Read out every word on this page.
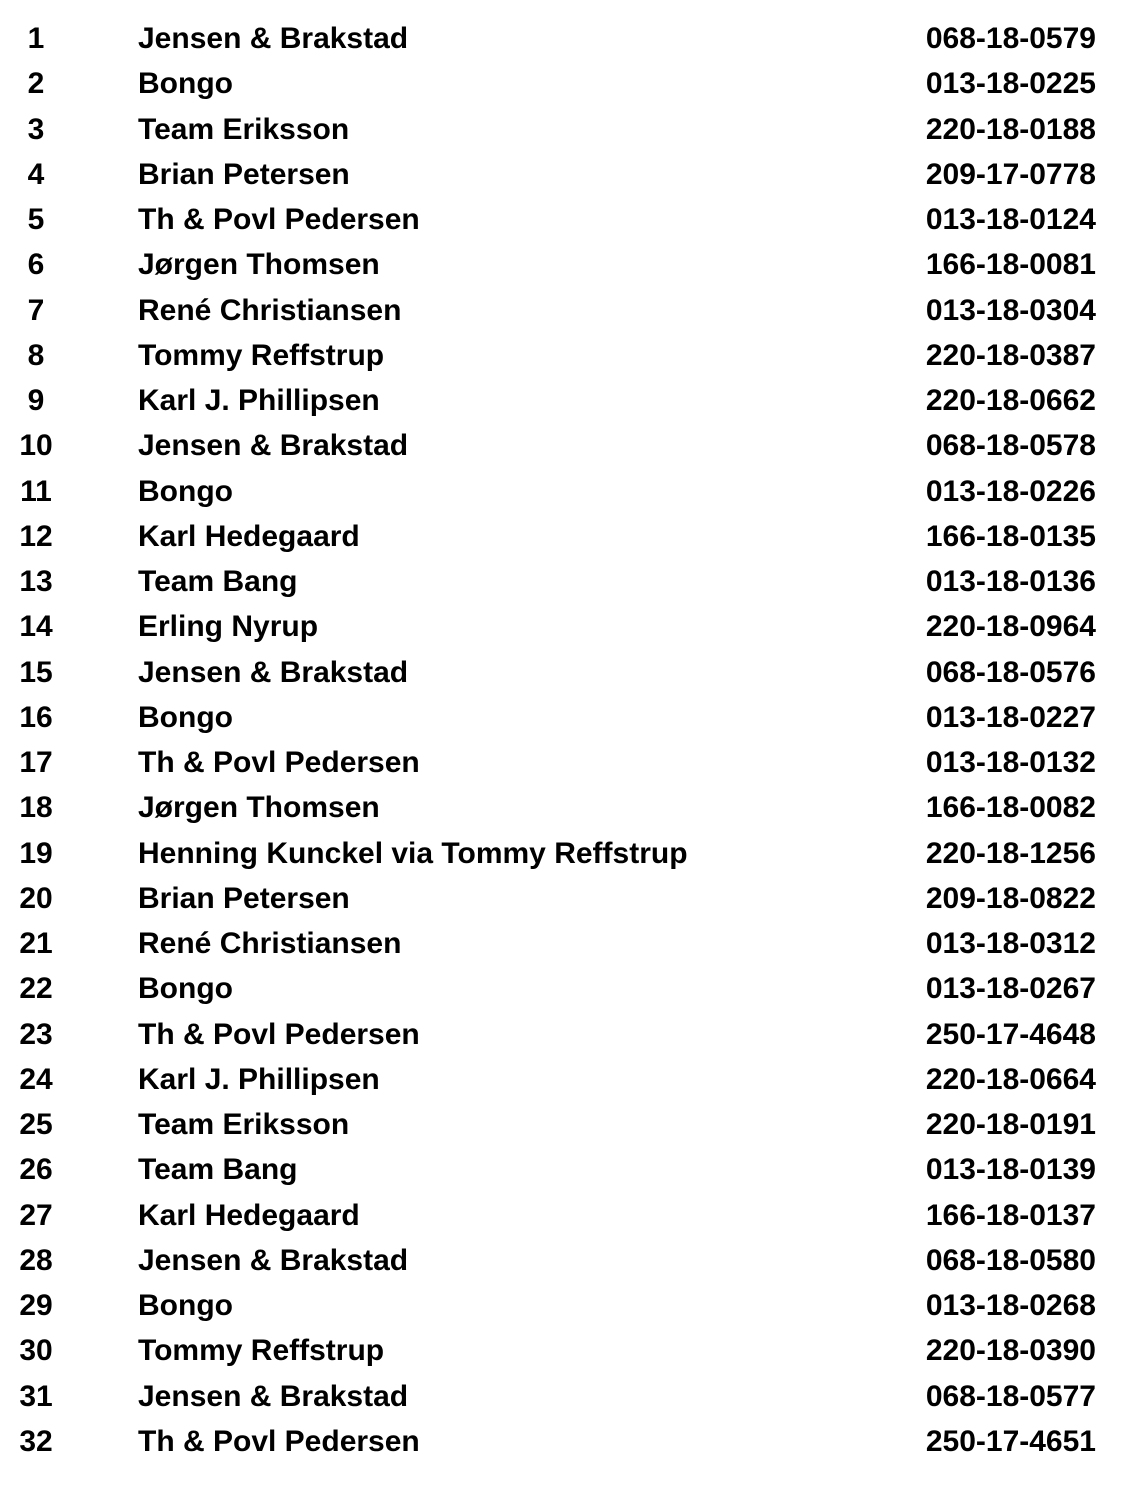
1	Jensen & Brakstad	068-18-0579
2	Bongo	013-18-0225
3	Team Eriksson	220-18-0188
4	Brian Petersen	209-17-0778
5	Th & Povl Pedersen	013-18-0124
6	Jørgen Thomsen	166-18-0081
7	René Christiansen	013-18-0304
8	Tommy Reffstrup	220-18-0387
9	Karl J. Phillipsen	220-18-0662
10	Jensen & Brakstad	068-18-0578
11	Bongo	013-18-0226
12	Karl Hedegaard	166-18-0135
13	Team Bang	013-18-0136
14	Erling Nyrup	220-18-0964
15	Jensen & Brakstad	068-18-0576
16	Bongo	013-18-0227
17	Th & Povl Pedersen	013-18-0132
18	Jørgen Thomsen	166-18-0082
19	Henning Kunckel via Tommy Reffstrup	220-18-1256
20	Brian Petersen	209-18-0822
21	René Christiansen	013-18-0312
22	Bongo	013-18-0267
23	Th & Povl Pedersen	250-17-4648
24	Karl J. Phillipsen	220-18-0664
25	Team Eriksson	220-18-0191
26	Team Bang	013-18-0139
27	Karl Hedegaard	166-18-0137
28	Jensen & Brakstad	068-18-0580
29	Bongo	013-18-0268
30	Tommy Reffstrup	220-18-0390
31	Jensen & Brakstad	068-18-0577
32	Th & Povl Pedersen	250-17-4651
